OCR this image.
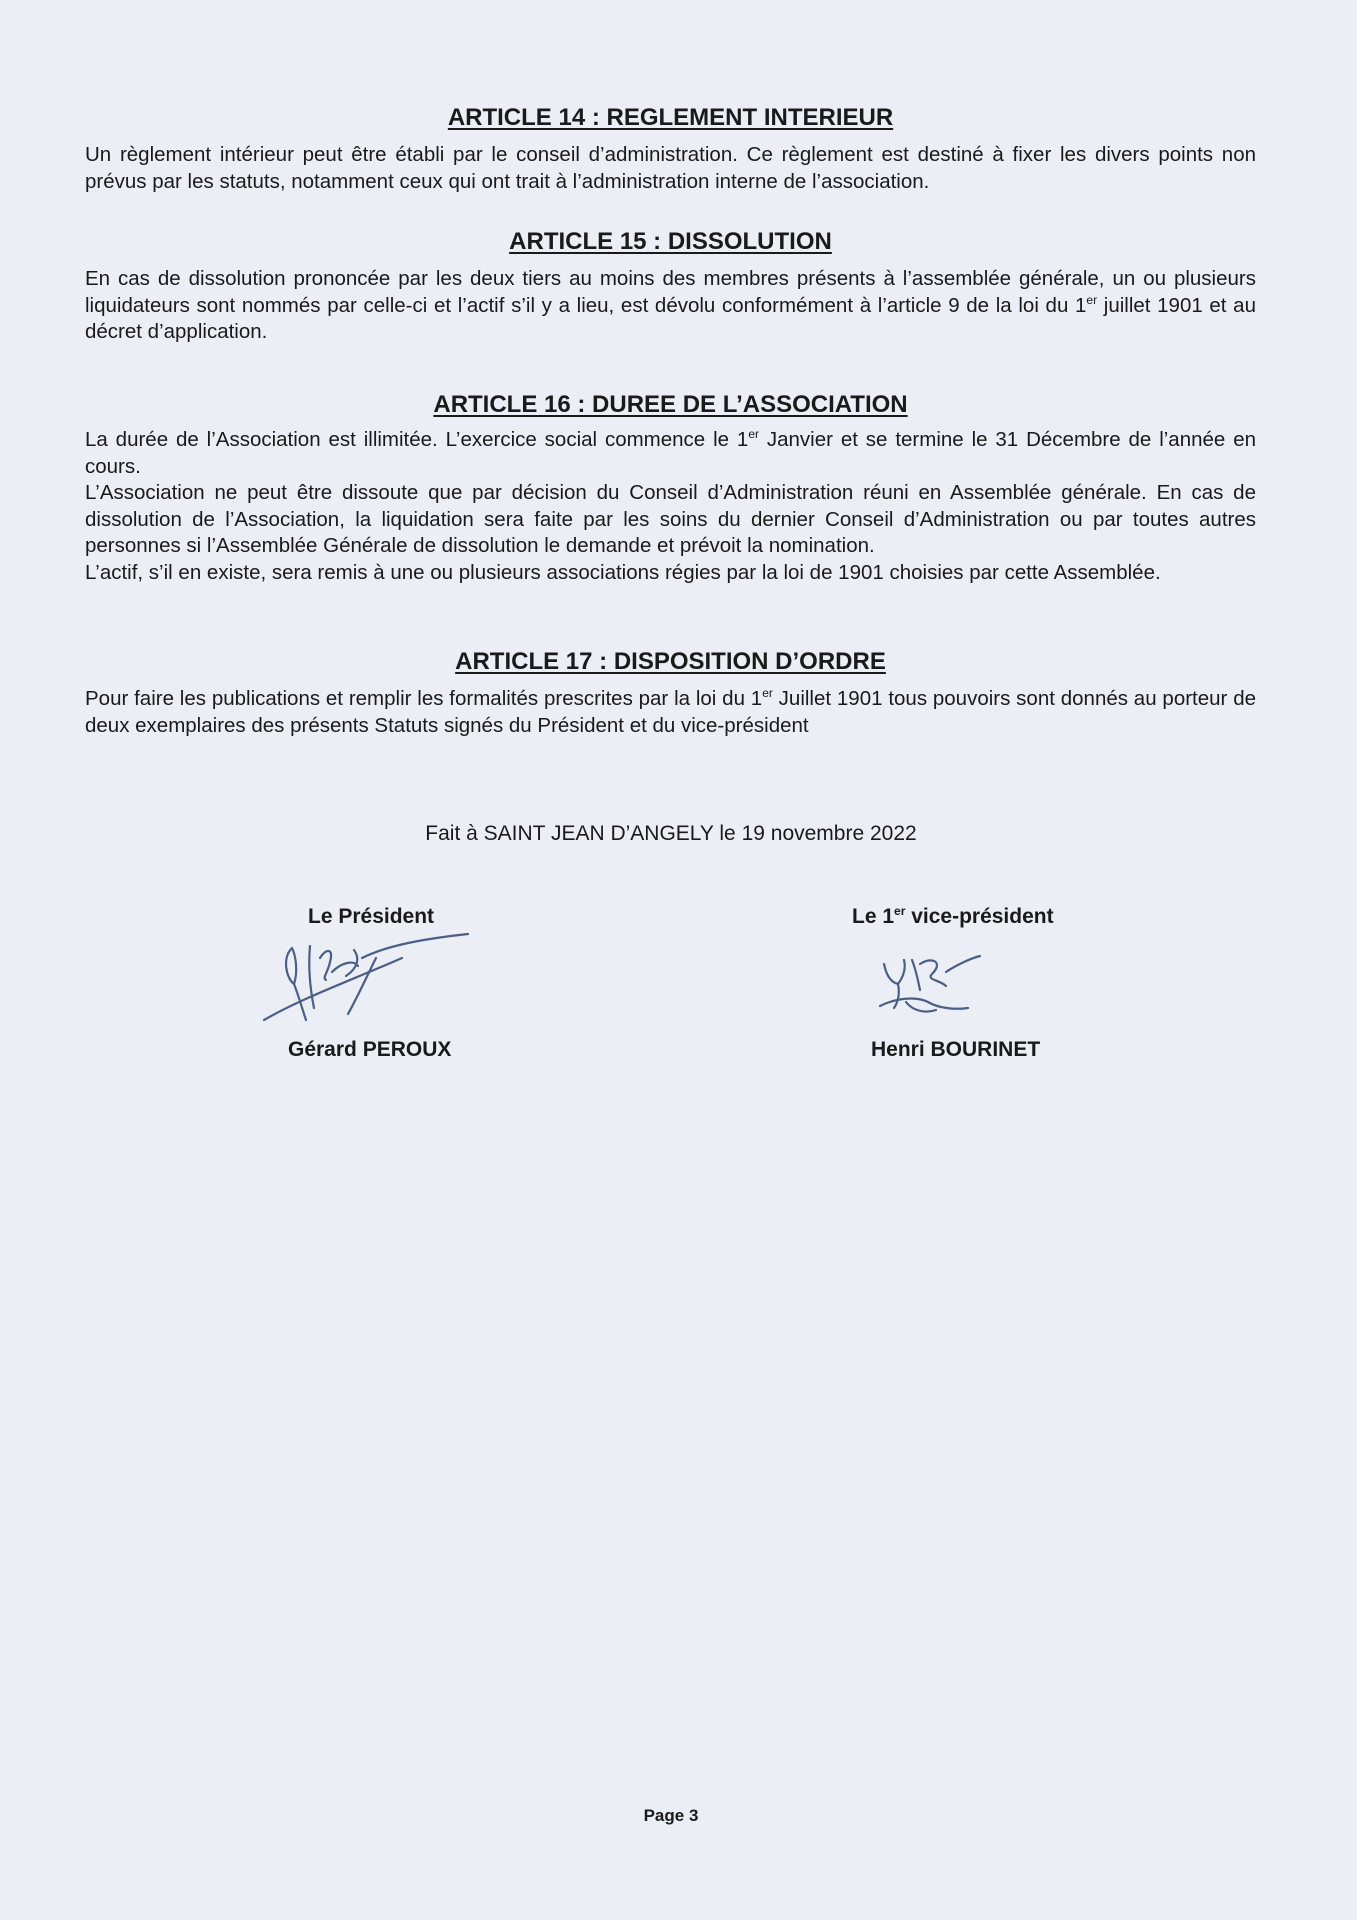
ARTICLE 14 : REGLEMENT INTERIEUR

Un règlement intérieur peut être établi par le conseil d’administration. Ce règlement est destiné à fixer les divers points non prévus par les statuts, notamment ceux qui ont trait à l’administration interne de l’association.

ARTICLE 15 : DISSOLUTION

En cas de dissolution prononcée par les deux tiers au moins des membres présents à l’assemblée générale, un ou plusieurs liquidateurs sont nommés par celle-ci et l’actif s’il y a lieu, est dévolu conformément à l’article 9 de la loi du 1er juillet 1901 et au décret d’application.

ARTICLE 16 : DUREE DE L’ASSOCIATION

La durée de l’Association est illimitée. L’exercice social commence le 1er Janvier et se termine le 31 Décembre de l’année en cours.

L’Association ne peut être dissoute que par décision du Conseil d’Administration réuni en Assemblée générale. En cas de dissolution de l’Association, la liquidation sera faite par les soins du dernier Conseil d’Administration ou par toutes autres personnes si l’Assemblée Générale de dissolution le demande et prévoit la nomination.

L’actif, s’il en existe, sera remis à une ou plusieurs associations régies par la loi de 1901 choisies par cette Assemblée.

ARTICLE 17 : DISPOSITION D’ORDRE

Pour faire les publications et remplir les formalités prescrites par la loi du 1er Juillet 1901 tous pouvoirs sont donnés au porteur de deux exemplaires des présents Statuts signés du Président et du vice-président

Fait à SAINT JEAN D’ANGELY le 19 novembre 2022
Le Président
Gérard PEROUX
Le 1er vice-président
Henri BOURINET
Page 3
